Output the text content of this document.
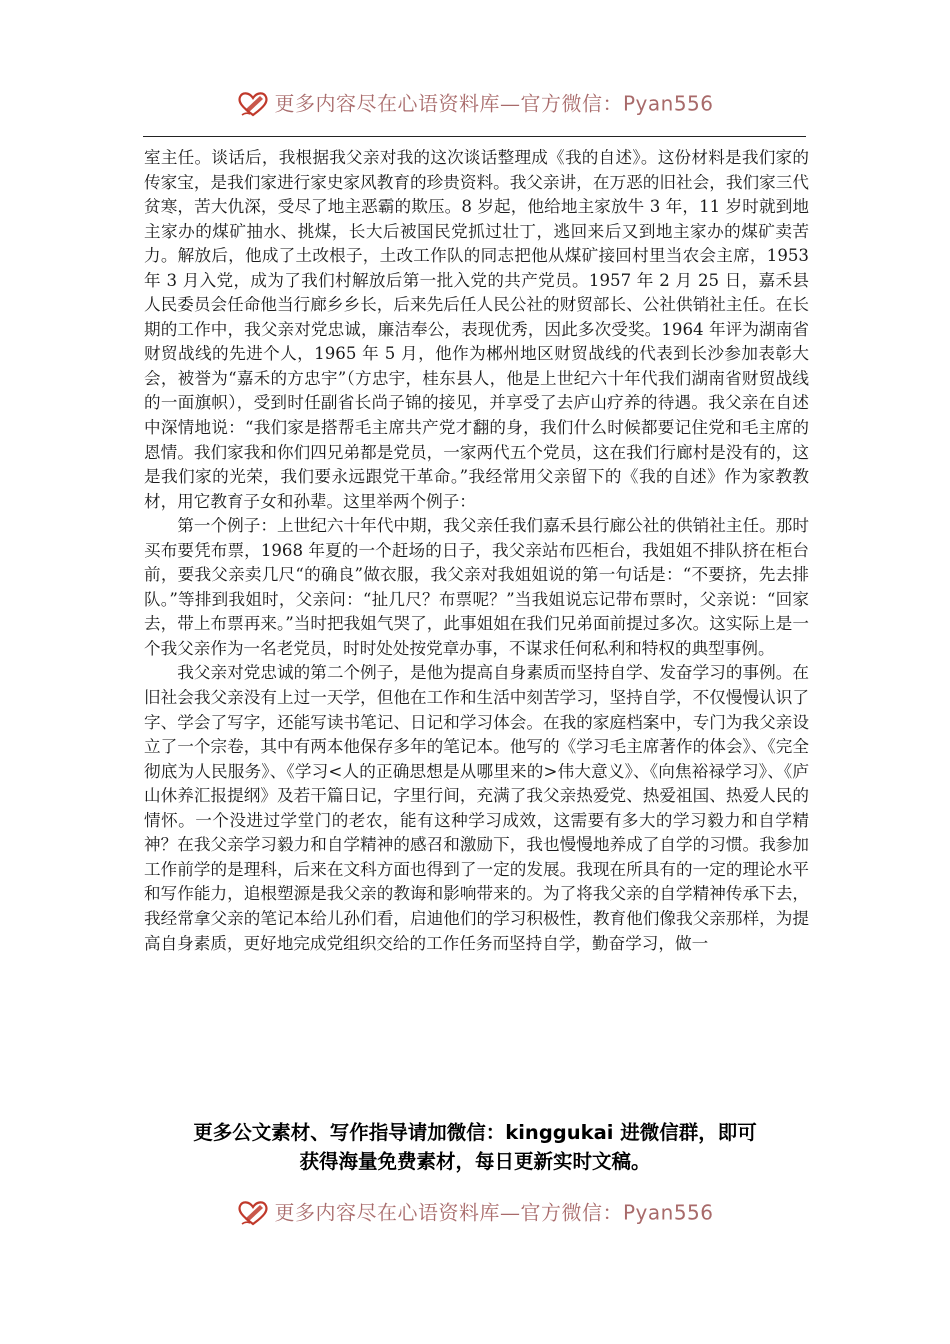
更多内容尽在心语资料库—官方微信：Pyan556

室主任。谈话后，我根据我父亲对我的这次谈话整理成《我的自述》。这份材料是我们家的传家宝，是我们家进行家史家风教育的珍贵资料。我父亲讲，在万恶的旧社会，我们家三代贫寒，苦大仇深，受尽了地主恶霸的欺压。8 岁起，他给地主家放牛 3 年，11 岁时就到地主家办的煤矿抽水、挑煤，长大后被国民党抓过壮丁，逃回来后又到地主家办的煤矿卖苦力。解放后，他成了土改根子，土改工作队的同志把他从煤矿接回村里当农会主席，1953 年 3 月入党，成为了我们村解放后第一批入党的共产党员。1957 年 2 月 25 日，嘉禾县人民委员会任命他当行廊乡乡长，后来先后任人民公社的财贸部长、公社供销社主任。在长期的工作中，我父亲对党忠诚，廉洁奉公，表现优秀，因此多次受奖。1964 年评为湖南省财贸战线的先进个人，1965 年 5 月，他作为郴州地区财贸战线的代表到长沙参加表彰大会，被誉为“嘉禾的方忠宇”（方忠宇，桂东县人，他是上世纪六十年代我们湖南省财贸战线的一面旗帜），受到时任副省长尚子锦的接见，并享受了去庐山疗养的待遇。我父亲在自述中深情地说：“我们家是搭帮毛主席共产党才翻的身，我们什么时候都要记住党和毛主席的恩情。我们家我和你们四兄弟都是党员，一家两代五个党员，这在我们行廊村是没有的，这是我们家的光荣，我们要永远跟党干革命。”我经常用父亲留下的《我的自述》作为家教教材，用它教育子女和孙辈。这里举两个例子：

第一个例子：上世纪六十年代中期，我父亲任我们嘉禾县行廊公社的供销社主任。那时买布要凭布票，1968 年夏的一个赶场的日子，我父亲站布匹柜台，我姐姐不排队挤在柜台前，要我父亲卖几尺“的确良”做衣服，我父亲对我姐姐说的第一句话是：“不要挤，先去排队。”等排到我姐时，父亲问：“扯几尺？布票呢？”当我姐说忘记带布票时，父亲说：“回家去，带上布票再来。”当时把我姐气哭了，此事姐姐在我们兄弟面前提过多次。这实际上是一个我父亲作为一名老党员，时时处处按党章办事，不谋求任何私利和特权的典型事例。

我父亲对党忠诚的第二个例子，是他为提高自身素质而坚持自学、发奋学习的事例。在旧社会我父亲没有上过一天学，但他在工作和生活中刻苦学习，坚持自学，不仅慢慢认识了字、学会了写字，还能写读书笔记、日记和学习体会。在我的家庭档案中，专门为我父亲设立了一个宗卷，其中有两本他保存多年的笔记本。他写的《学习毛主席著作的体会》、《完全彻底为人民服务》、《学习<人的正确思想是从哪里来的>伟大意义》、《向焦裕禄学习》、《庐山休养汇报提纲》及若干篇日记，字里行间，充满了我父亲热爱党、热爱祖国、热爱人民的情怀。一个没进过学堂门的老农，能有这种学习成效，这需要有多大的学习毅力和自学精神？在我父亲学习毅力和自学精神的感召和激励下，我也慢慢地养成了自学的习惯。我参加工作前学的是理科，后来在文科方面也得到了一定的发展。我现在所具有的一定的理论水平和写作能力，追根塑源是我父亲的教诲和影响带来的。为了将我父亲的自学精神传承下去，我经常拿父亲的笔记本给儿孙们看，启迪他们的学习积极性，教育他们像我父亲那样，为提高自身素质，更好地完成党组织交给的工作任务而坚持自学，勤奋学习，做一

更多公文素材、写作指导请加微信：kinggukai 进微信群，即可
获得海量免费素材，每日更新实时文稿。
更多内容尽在心语资料库—官方微信：Pyan556
